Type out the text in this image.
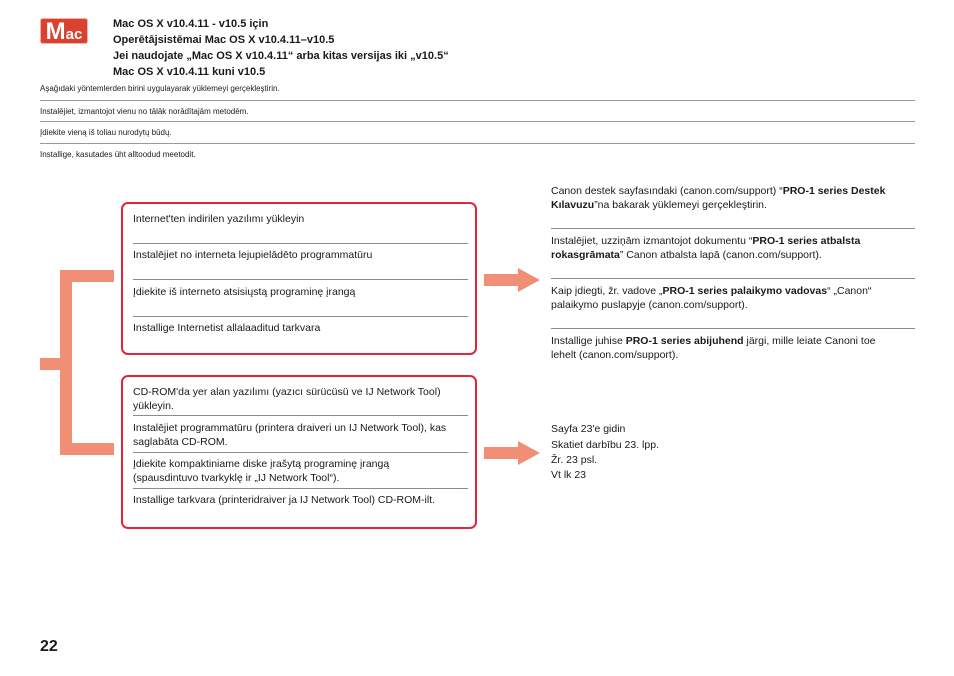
M ac
Mac OS X v10.4.11 - v10.5 için
Operētājsistēmai Mac OS X v10.4.11–v10.5
Jei naudojate „Mac OS X v10.4.11“ arba kitas versijas iki „v10.5“
Mac OS X v10.4.11 kuni v10.5
Aşağıdaki yöntemlerden birini uygulayarak yüklemeyi gerçekleştirin.
Instalējiet, izmantojot vienu no tālāk norādītajām metodēm.
Įdiekite vieną iš toliau nurodytų būdų.
Installige, kasutades üht alltoodud meetodit.
Internet'ten indirilen yazılımı yükleyin
Instalējiet no interneta lejupielādēto programmatūru
Įdiekite iš interneto atsisiųstą programinę įrangą
Installige Internetist allalaaditud tarkvara
CD-ROM'da yer alan yazılımı (yazıcı sürücüsü ve IJ Network Tool)
yükleyin.
Instalējiet programmatūru (printera draiveri un IJ Network Tool), kas
saglabāta CD-ROM.
Įdiekite kompaktiniame diske įrašytą programinę įrangą
(spausdintuvo tvarkyklę ir „IJ Network Tool“).
Installige tarkvara (printeridraiver ja IJ Network Tool) CD-ROM-ilt.
Canon destek sayfasındaki (canon.com/support) “PRO-1 series Destek
Kılavuzu”na bakarak yüklemeyi gerçekleştirin.
Instalējiet, uzziņām izmantojot dokumentu “PRO-1 series atbalsta
rokasgrāmata” Canon atbalsta lapā (canon.com/support).
Kaip įdiegti, žr. vadove „PRO-1 series palaikymo vadovas“ „Canon“
palaikymo puslapyje (canon.com/support).
Installige juhise PRO-1 series abijuhend järgi, mille leiate Canoni toe
lehelt (canon.com/support).
Sayfa 23'e gidin
Skatiet darbību 23. lpp.
Žr. 23 psl.
Vt lk 23
22
